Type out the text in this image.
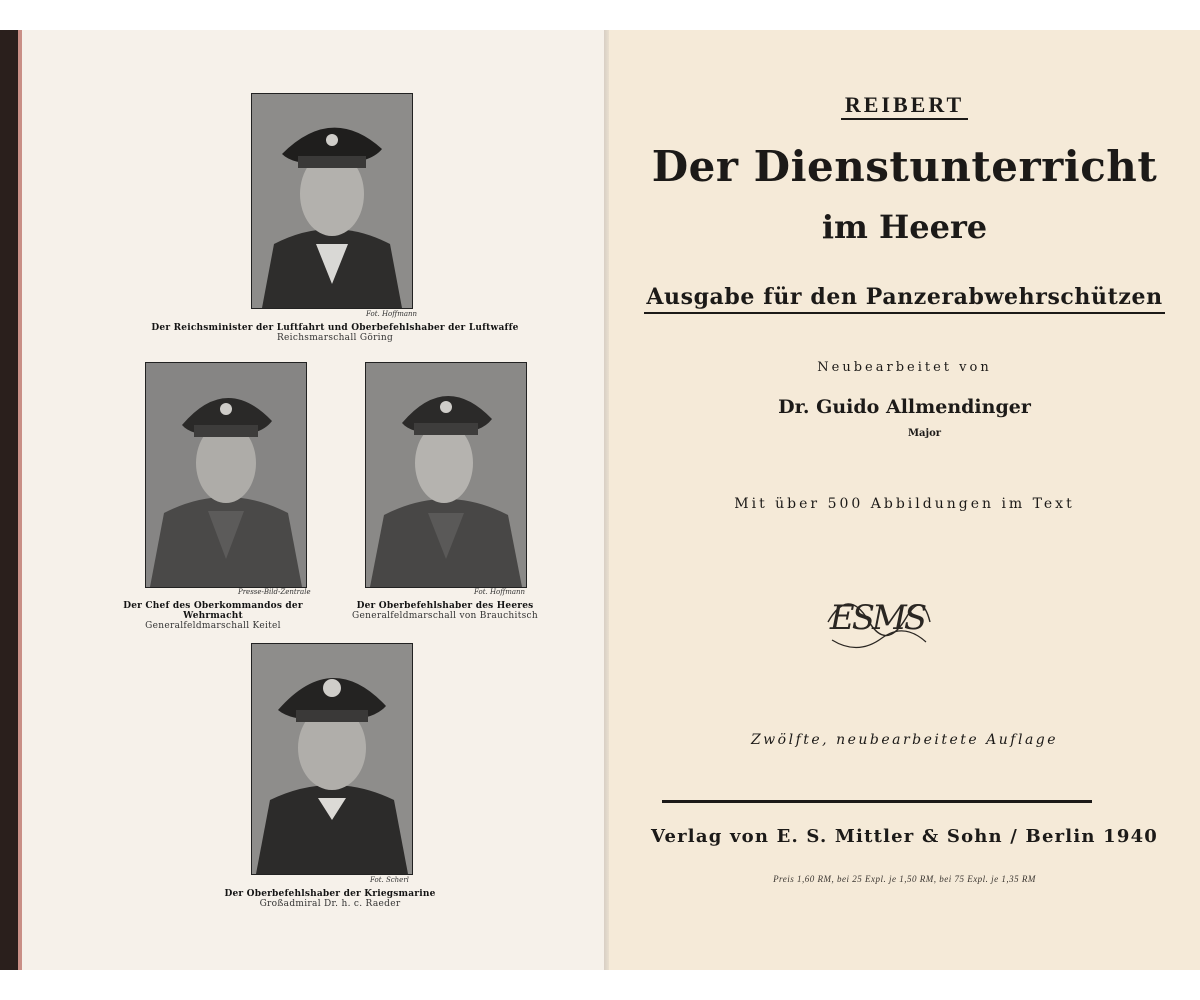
Fot. Hoffmann
Der Reichsminister der Luftfahrt und Oberbefehlshaber der Luftwaffe
Reichsmarschall Göring
Presse-Bild-Zentrale
Der Chef des Oberkommandos der Wehrmacht
Generalfeldmarschall Keitel
Fot. Hoffmann
Der Oberbefehlshaber des Heeres
Generalfeldmarschall von Brauchitsch
Fot. Scherl
Der Oberbefehlshaber der Kriegsmarine
Großadmiral Dr. h. c. Raeder
REIBERT
Der Dienstunterricht
im Heere
Ausgabe für den Panzerabwehrschützen
Neubearbeitet von
Dr. Guido Allmendinger
Major
Mit über 500 Abbildungen im Text
ESMS
Zwölfte, neubearbeitete Auflage
Verlag von E. S. Mittler & Sohn / Berlin 1940
Preis 1,60 RM, bei 25 Expl. je 1,50 RM, bei 75 Expl. je 1,35 RM
